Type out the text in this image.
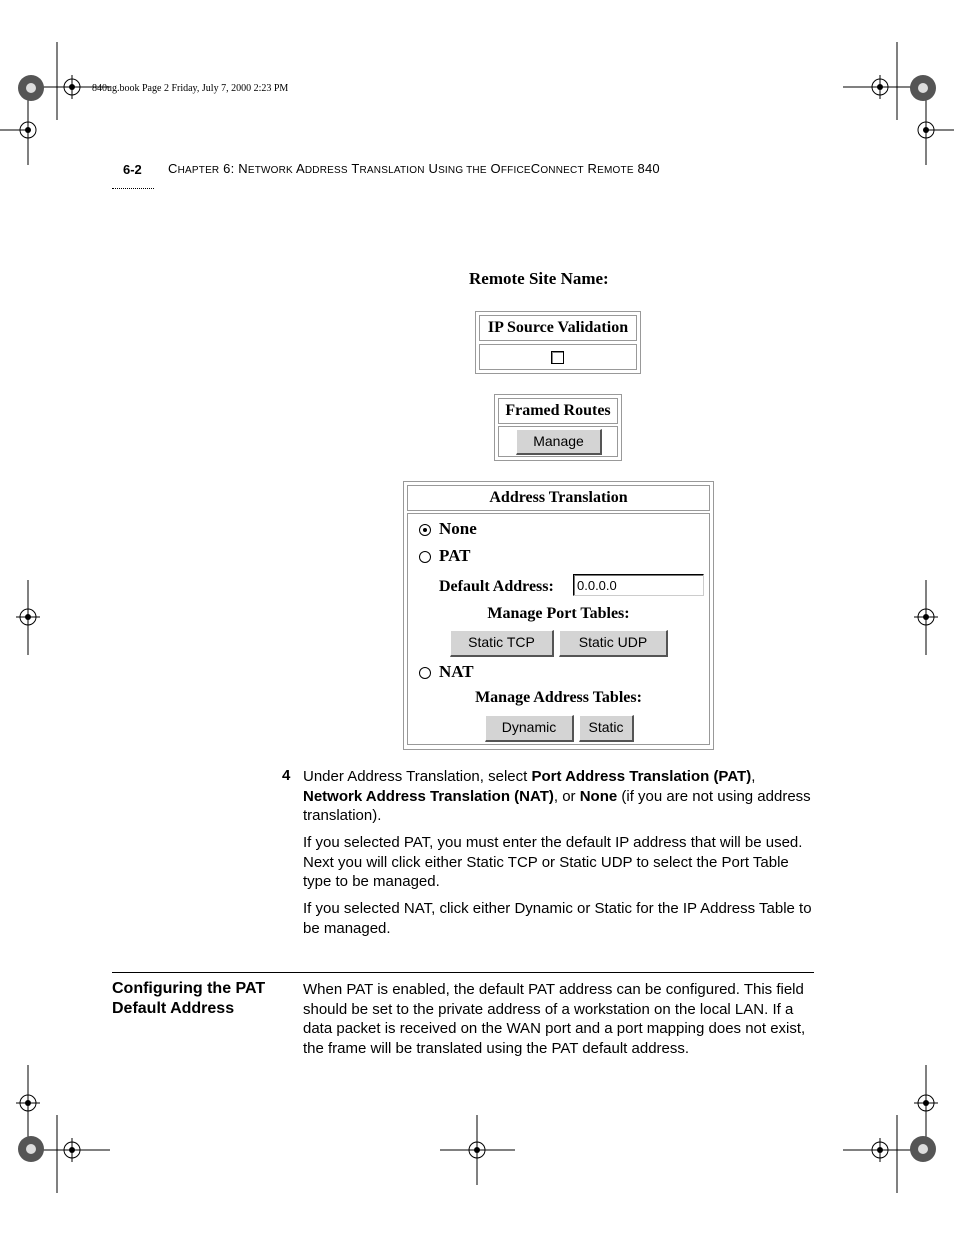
840ug.book Page 2 Friday, July 7, 2000 2:23 PM
6-2 CHAPTER 6: NETWORK ADDRESS TRANSLATION USING THE OFFICECONNECT REMOTE 840
Remote Site Name:
IP Source Validation
Framed Routes
Manage
Address Translation
None
PAT
Default Address:
0.0.0.0
Manage Port Tables:
Static TCP	Static UDP
NAT
Manage Address Tables:
Dynamic	Static
4 Under Address Translation, select Port Address Translation (PAT), Network Address Translation (NAT), or None (if you are not using address translation).
If you selected PAT, you must enter the default IP address that will be used. Next you will click either Static TCP or Static UDP to select the Port Table type to be managed.
If you selected NAT, click either Dynamic or Static for the IP Address Table to be managed.
Configuring the PAT Default Address
When PAT is enabled, the default PAT address can be configured. This field should be set to the private address of a workstation on the local LAN. If a data packet is received on the WAN port and a port mapping does not exist, the frame will be translated using the PAT default address.
